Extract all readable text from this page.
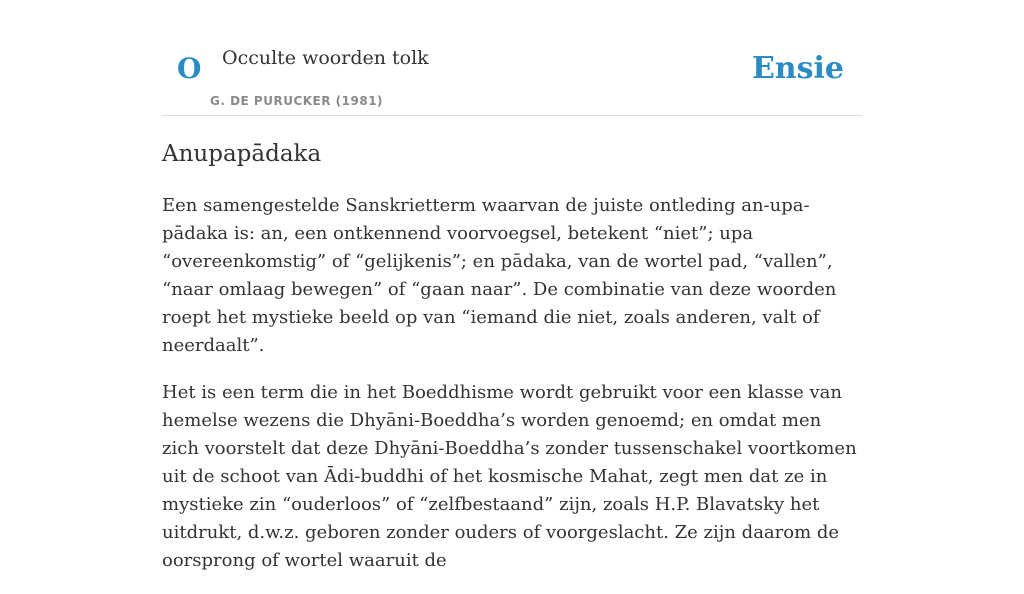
O Occulte woorden tolk
G. DE PURUCKER (1981)
Ensie
Anupapādaka

Een samengestelde Sanskrietterm waarvan de juiste ontleding an-upa-pādaka is: an, een ontkennend voorvoegsel, betekent “niet”; upa “overeenkomstig” of “gelijkenis”; en pādaka, van de wortel pad, “vallen”, “naar omlaag bewegen” of “gaan naar”. De combinatie van deze woorden roept het mystieke beeld op van “iemand die niet, zoals anderen, valt of neerdaalt”.

Het is een term die in het Boeddhisme wordt gebruikt voor een klasse van hemelse wezens die Dhyāni-Boeddha’s worden genoemd; en omdat men zich voorstelt dat deze Dhyāni-Boeddha’s zonder tussenschakel voortkomen uit de schoot van Ādi-buddhi of het kosmische Mahat, zegt men dat ze in mystieke zin “ouderloos” of “zelfbestaand” zijn, zoals H.P. Blavatsky het uitdrukt, d.w.z. geboren zonder ouders of voorgeslacht. Ze zijn daarom de oorsprong of wortel waaruit de
